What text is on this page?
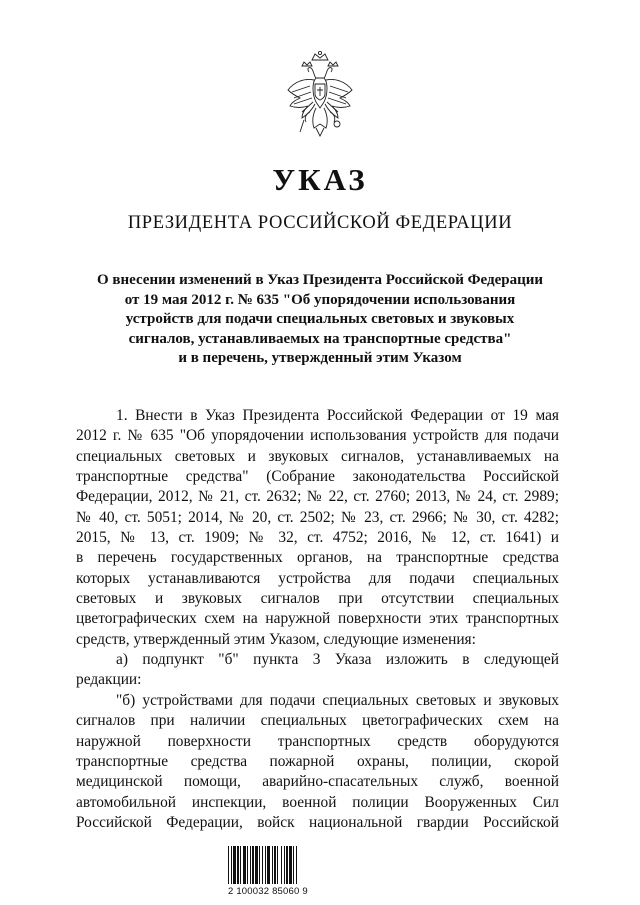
УКАЗ
ПРЕЗИДЕНТА РОССИЙСКОЙ ФЕДЕРАЦИИ
О внесении изменений в Указ Президента Российской Федерации
от 19 мая 2012 г. № 635 "Об упорядочении использования
устройств для подачи специальных световых и звуковых
сигналов, устанавливаемых на транспортные средства"
и в перечень, утвержденный этим Указом
1. Внести в Указ Президента Российской Федерации от 19 мая
2012 г. № 635 "Об упорядочении использования устройств для подачи
специальных световых и звуковых сигналов, устанавливаемых на
транспортные средства" (Собрание законодательства Российской
Федерации, 2012, № 21, ст. 2632; № 22, ст. 2760; 2013, № 24, ст. 2989;
№ 40, ст. 5051; 2014, № 20, ст. 2502; № 23, ст. 2966; № 30, ст. 4282;
2015, № 13, ст. 1909; № 32, ст. 4752; 2016, № 12, ст. 1641) и
в перечень государственных органов, на транспортные средства
которых устанавливаются устройства для подачи специальных
световых и звуковых сигналов при отсутствии специальных
цветографических схем на наружной поверхности этих транспортных
средств, утвержденный этим Указом, следующие изменения:
а) подпункт "б" пункта 3 Указа изложить в следующей
редакции:
"б) устройствами для подачи специальных световых и звуковых
сигналов при наличии специальных цветографических схем на
наружной поверхности транспортных средств оборудуются
транспортные средства пожарной охраны, полиции, скорой
медицинской помощи, аварийно-спасательных служб, военной
автомобильной инспекции, военной полиции Вооруженных Сил
Российской Федерации, войск национальной гвардии Российской
2 100032 85060 9
